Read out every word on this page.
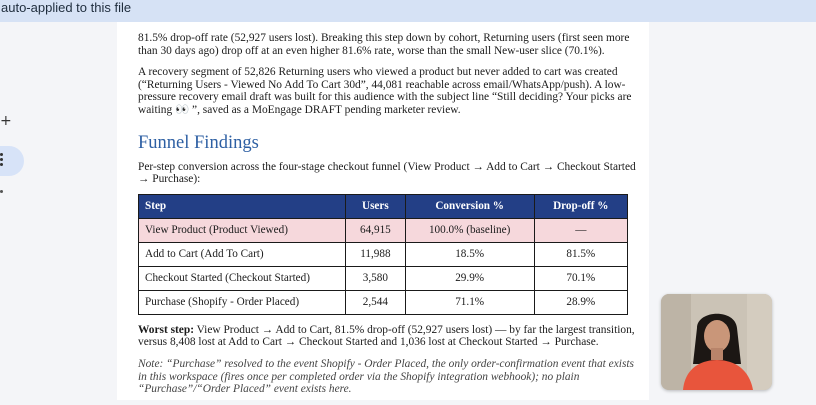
auto-applied to this file
+

81.5% drop-off rate (52,927 users lost). Breaking this step down by cohort, Returning users (first seen more than 30 days ago) drop off at an even higher 81.6% rate, worse than the small New-user slice (70.1%).

A recovery segment of 52,826 Returning users who viewed a product but never added to cart was created (“Returning Users - Viewed No Add To Cart 30d”, 44,081 reachable across email/WhatsApp/push). A low-pressure recovery email draft was built for this audience with the subject line “Still deciding? Your picks are waiting 👀 ”, saved as a MoEngage DRAFT pending marketer review.

Funnel Findings

Per-step conversion across the four-stage checkout funnel (View Product → Add to Cart → Checkout Started → Purchase):

Step	Users	Conversion %	Drop-off %
View Product (Product Viewed)	64,915	100.0% (baseline)	—
Add to Cart (Add To Cart)	11,988	18.5%	81.5%
Checkout Started (Checkout Started)	3,580	29.9%	70.1%
Purchase (Shopify - Order Placed)	2,544	71.1%	28.9%

Worst step: View Product → Add to Cart, 81.5% drop-off (52,927 users lost) — by far the largest transition, versus 8,408 lost at Add to Cart → Checkout Started and 1,036 lost at Checkout Started → Purchase.

Note: “Purchase” resolved to the event Shopify - Order Placed, the only order-confirmation event that exists in this workspace (fires once per completed order via the Shopify integration webhook); no plain “Purchase”/“Order Placed” event exists here.
